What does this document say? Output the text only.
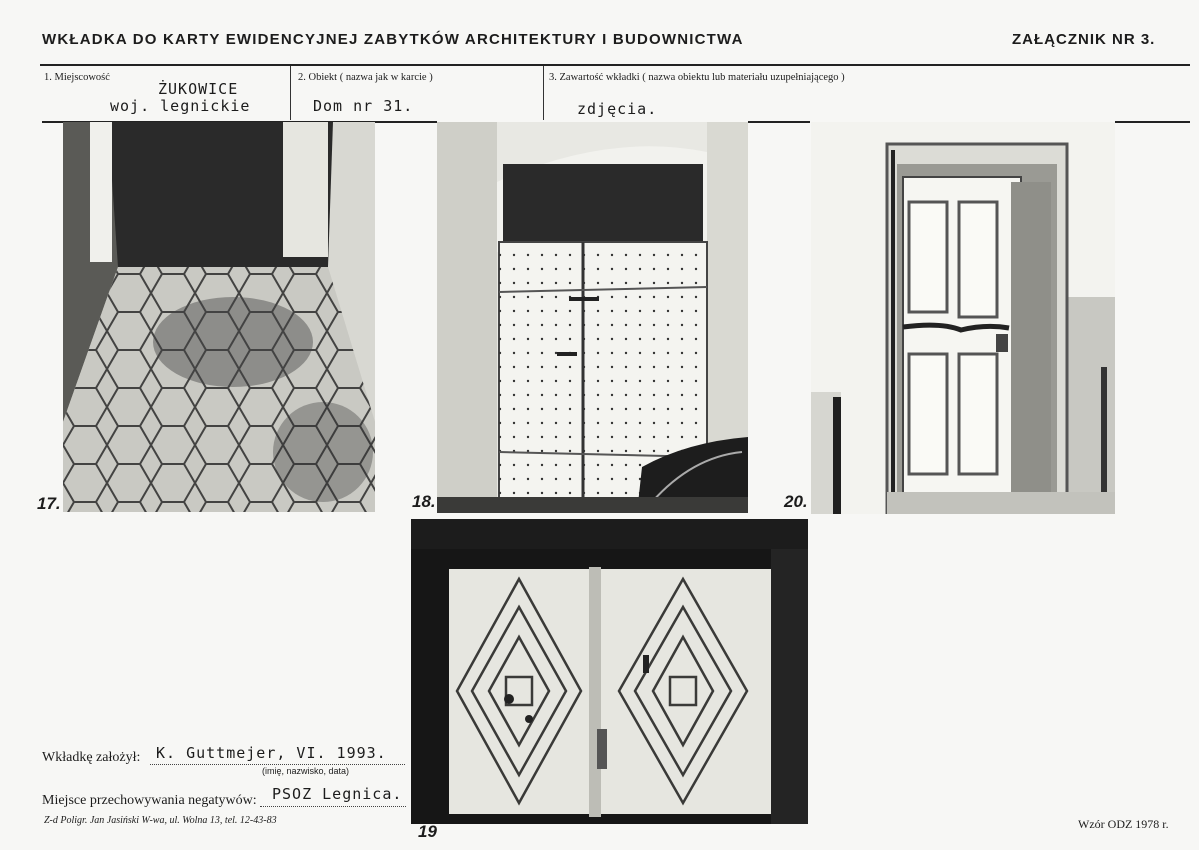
WKŁADKA DO KARTY EWIDENCYJNEJ ZABYTKÓW ARCHITEKTURY I BUDOWNICTWA	ZAŁĄCZNIK NR 3.
1. Miejscowość
ŻUKOWICE
woj. legnickie
2. Obiekt ( nazwa jak w karcie )
Dom nr 31.
3. Zawartość wkładki ( nazwa obiektu lub materiału uzupełniającego )
zdjęcia.
17.	18.	20.
19
Wkładkę założył: K. Guttmejer, VI. 1993.
(imię, nazwisko, data)
Miejsce przechowywania negatywów: PSOZ Legnica.
Z-d Poligr. Jan Jasiński W-wa, ul. Wolna 13, tel. 12-43-83	Wzór ODZ 1978 r.
